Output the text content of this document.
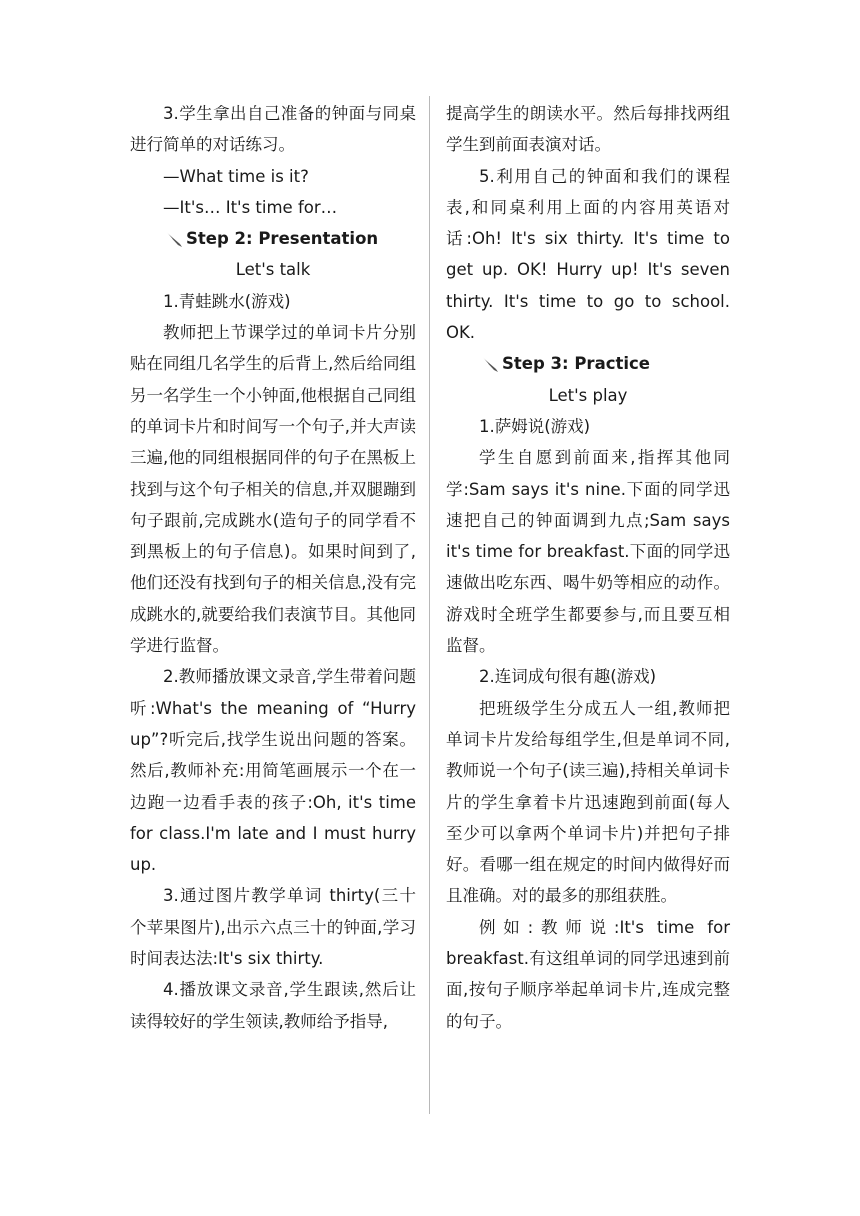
3.学生拿出自己准备的钟面与同桌进行简单的对话练习。

—What time is it?

—It's… It's time for…

Step 2: Presentation

Let's talk

1.青蛙跳水(游戏)

教师把上节课学过的单词卡片分别贴在同组几名学生的后背上,然后给同组另一名学生一个小钟面,他根据自己同组的单词卡片和时间写一个句子,并大声读三遍,他的同组根据同伴的句子在黑板上找到与这个句子相关的信息,并双腿蹦到句子跟前,完成跳水(造句子的同学看不到黑板上的句子信息)。如果时间到了,他们还没有找到句子的相关信息,没有完成跳水的,就要给我们表演节目。其他同学进行监督。

2.教师播放课文录音,学生带着问题听:What's the meaning of “Hurry up”?听完后,找学生说出问题的答案。然后,教师补充:用简笔画展示一个在一边跑一边看手表的孩子:Oh, it's time for class.I'm late and I must hurry up.

3.通过图片教学单词 thirty(三十个苹果图片),出示六点三十的钟面,学习时间表达法:It's six thirty.

4.播放课文录音,学生跟读,然后让读得较好的学生领读,教师给予指导,

提高学生的朗读水平。然后每排找两组学生到前面表演对话。

5.利用自己的钟面和我们的课程表,和同桌利用上面的内容用英语对话:Oh! It's six thirty. It's time to get up. OK! Hurry up! It's seven thirty. It's time to go to school. OK.

Step 3: Practice

Let's play

1.萨姆说(游戏)

学生自愿到前面来,指挥其他同学:Sam says it's nine.下面的同学迅速把自己的钟面调到九点;Sam says it's time for breakfast.下面的同学迅速做出吃东西、喝牛奶等相应的动作。游戏时全班学生都要参与,而且要互相监督。

2.连词成句很有趣(游戏)

把班级学生分成五人一组,教师把单词卡片发给每组学生,但是单词不同,教师说一个句子(读三遍),持相关单词卡片的学生拿着卡片迅速跑到前面(每人至少可以拿两个单词卡片)并把句子排好。看哪一组在规定的时间内做得好而且准确。对的最多的那组获胜。

例如:教师说:It's time for breakfast.有这组单词的同学迅速到前面,按句子顺序举起单词卡片,连成完整的句子。
